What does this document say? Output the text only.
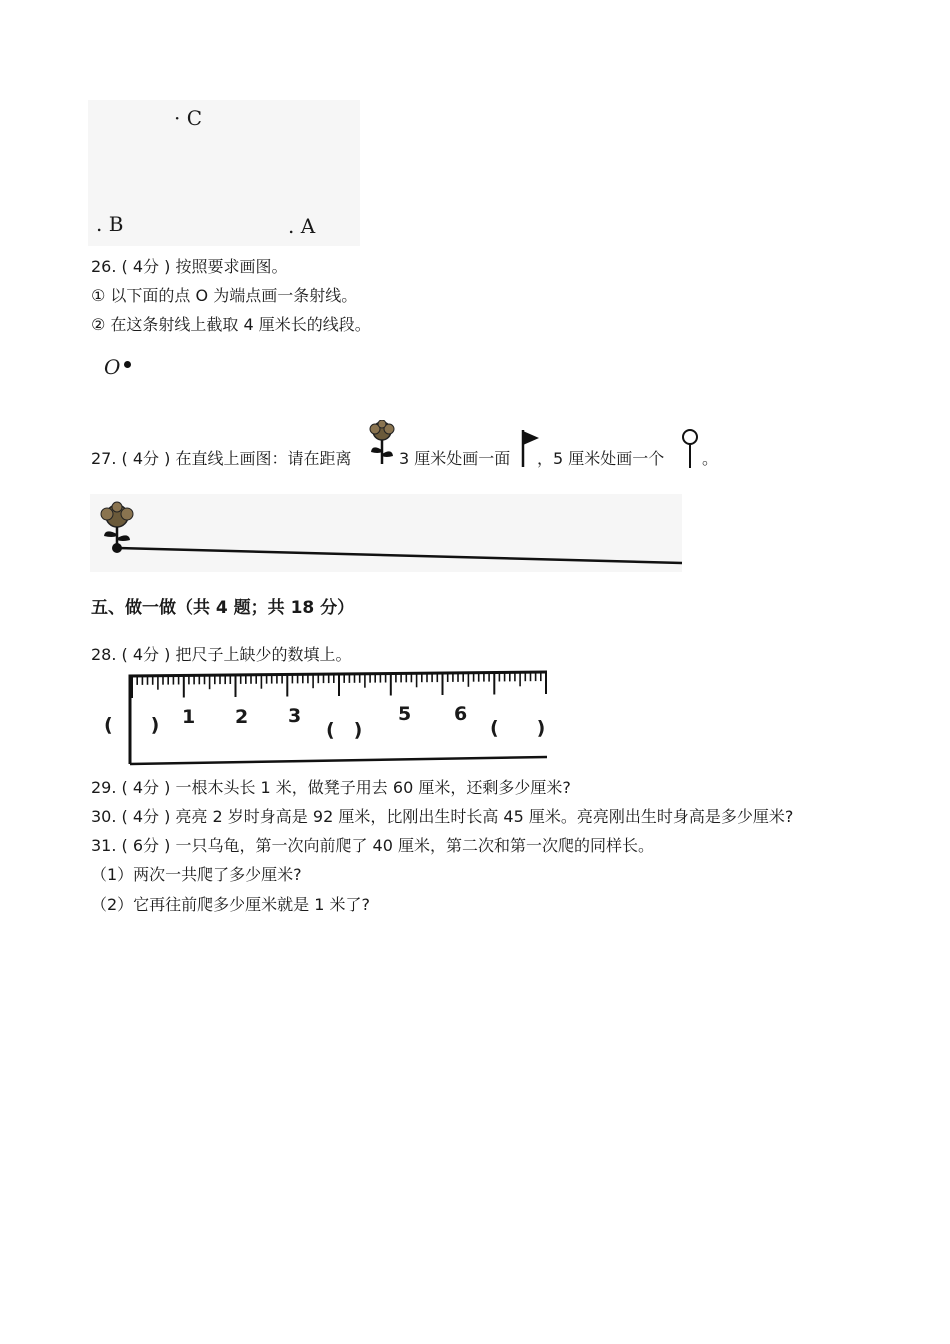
· C
. B	. A
26. ( 4分 ) 按照要求画图。
① 以下面的点 O 为端点画一条射线。
② 在这条射线上截取 4 厘米长的线段。
O
27. ( 4分 ) 在直线上画图：请在距离	3 厘米处画一面 ，5 厘米处画一个 。
五、做一做（共 4 题；共 18 分）
28. ( 4分 ) 把尺子上缺少的数填上。
(　　) 1 2 3
(　)
5 6
(　　)
29. ( 4分 ) 一根木头长 1 米，做凳子用去 60 厘米，还剩多少厘米?
30. ( 4分 ) 亮亮 2 岁时身高是 92 厘米，比刚出生时长高 45 厘米。亮亮刚出生时身高是多少厘米?
31. ( 6分 ) 一只乌龟，第一次向前爬了 40 厘米，第二次和第一次爬的同样长。
（1）两次一共爬了多少厘米?
（2）它再往前爬多少厘米就是 1 米了?
